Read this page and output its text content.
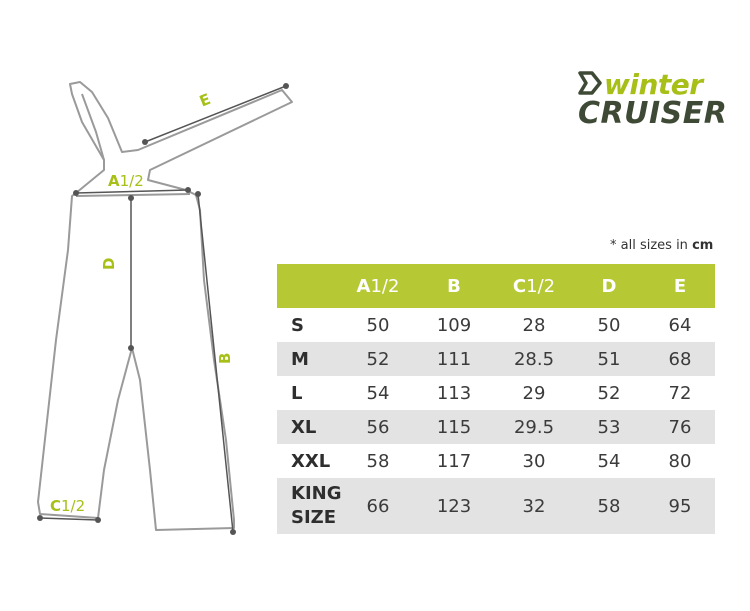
E
A1/2
D
B
C1/2
winter
CRUISER
* all sizes in cm
	A1/2	B	C1/2	D	E
S	50	109	28	50	64
M	52	111	28.5	51	68
L	54	113	29	52	72
XL	56	115	29.5	53	76
XXL	58	117	30	54	80
KING
SIZE	66	123	32	58	95
